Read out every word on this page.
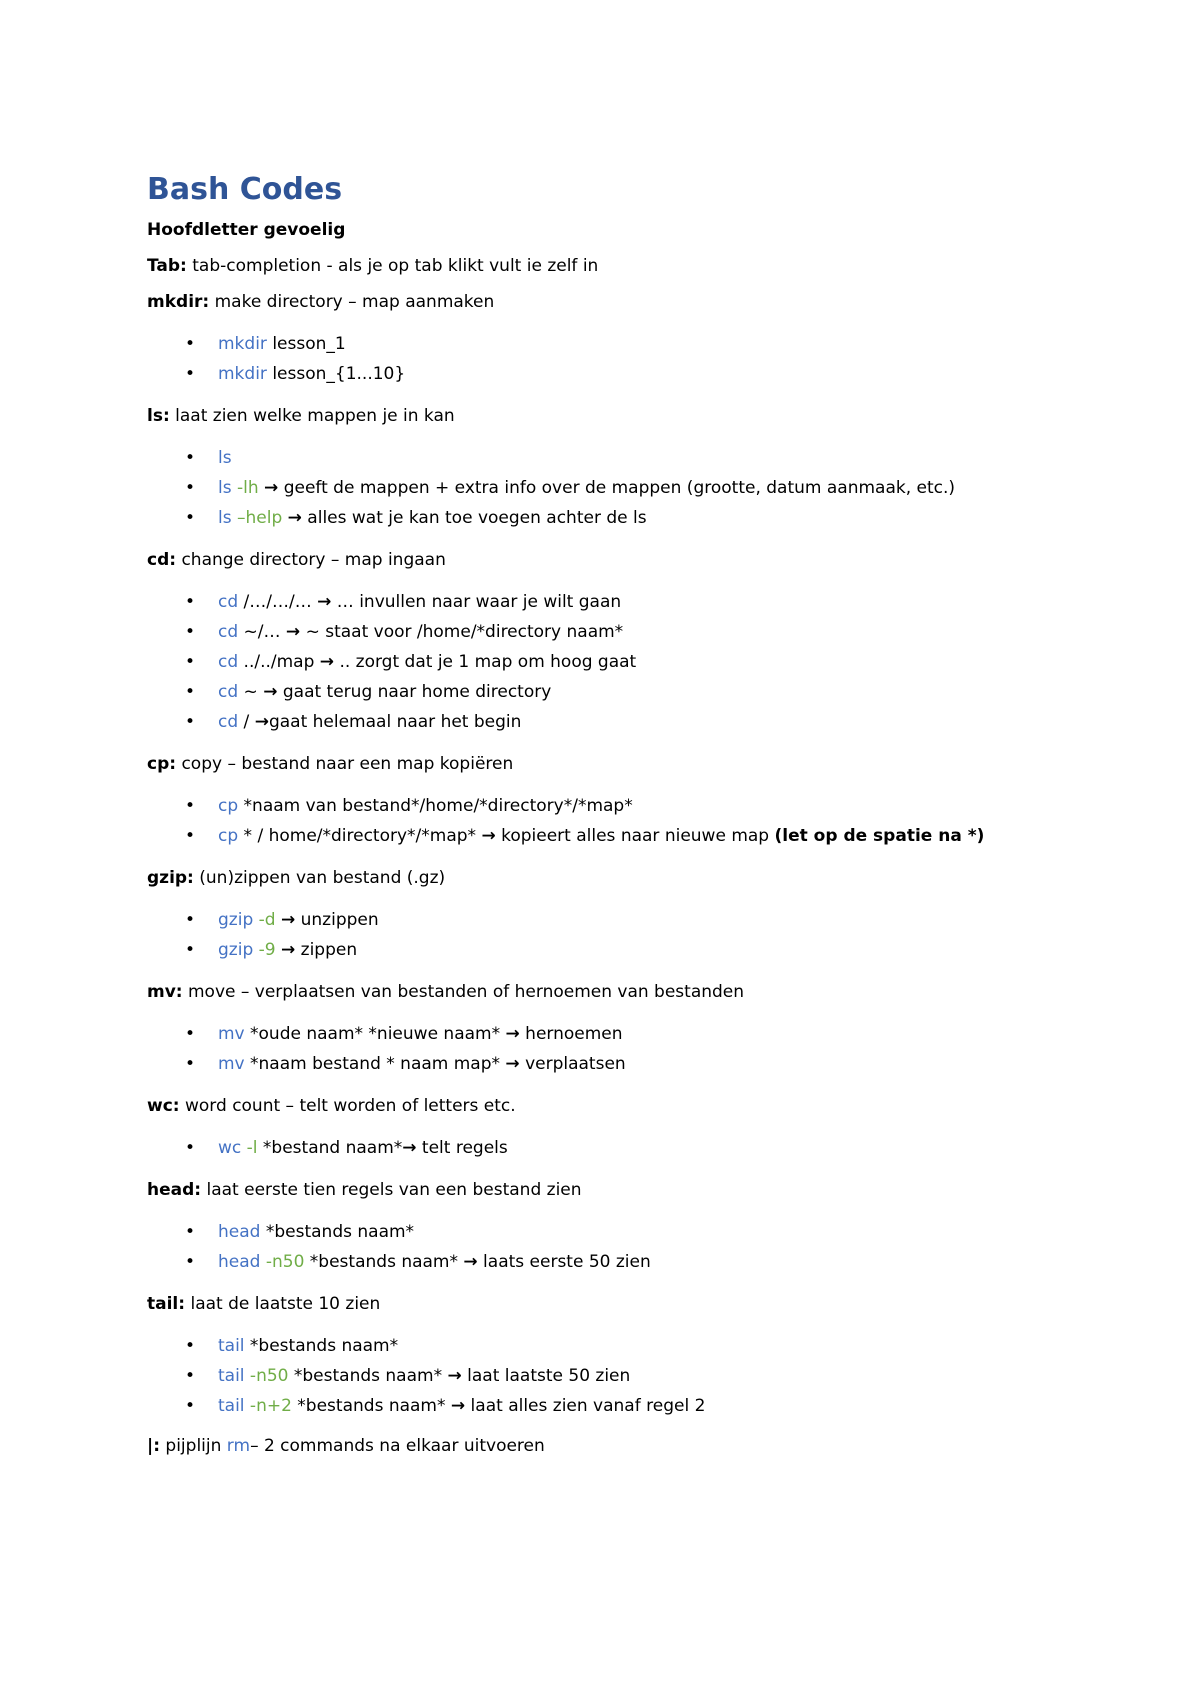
Bash Codes

Hoofdletter gevoelig

Tab: tab-completion - als je op tab klikt vult ie zelf in

mkdir: make directory – map aanmaken

• mkdir lesson_1
• mkdir lesson_{1...10}

ls: laat zien welke mappen je in kan

• ls
• ls -lh → geeft de mappen + extra info over de mappen (grootte, datum aanmaak, etc.)
• ls –help → alles wat je kan toe voegen achter de ls

cd: change directory – map ingaan

• cd /…/…/… → … invullen naar waar je wilt gaan
• cd ~/… → ~ staat voor /home/*directory naam*
• cd ../../map → .. zorgt dat je 1 map om hoog gaat
• cd ~ → gaat terug naar home directory
• cd / →gaat helemaal naar het begin

cp: copy – bestand naar een map kopiëren

• cp *naam van bestand*/home/*directory*/*map*
• cp * / home/*directory*/*map* → kopieert alles naar nieuwe map (let op de spatie na *)

gzip: (un)zippen van bestand (.gz)

• gzip -d → unzippen
• gzip -9 → zippen

mv: move – verplaatsen van bestanden of hernoemen van bestanden

• mv *oude naam* *nieuwe naam* → hernoemen
• mv *naam bestand * naam map* → verplaatsen

wc: word count – telt worden of letters etc.

• wc -l *bestand naam*→ telt regels

head: laat eerste tien regels van een bestand zien

• head *bestands naam*
• head -n50 *bestands naam* → laats eerste 50 zien

tail: laat de laatste 10 zien

• tail *bestands naam*
• tail -n50 *bestands naam* → laat laatste 50 zien
• tail -n+2 *bestands naam* → laat alles zien vanaf regel 2

|: pijplijn rm– 2 commands na elkaar uitvoeren
